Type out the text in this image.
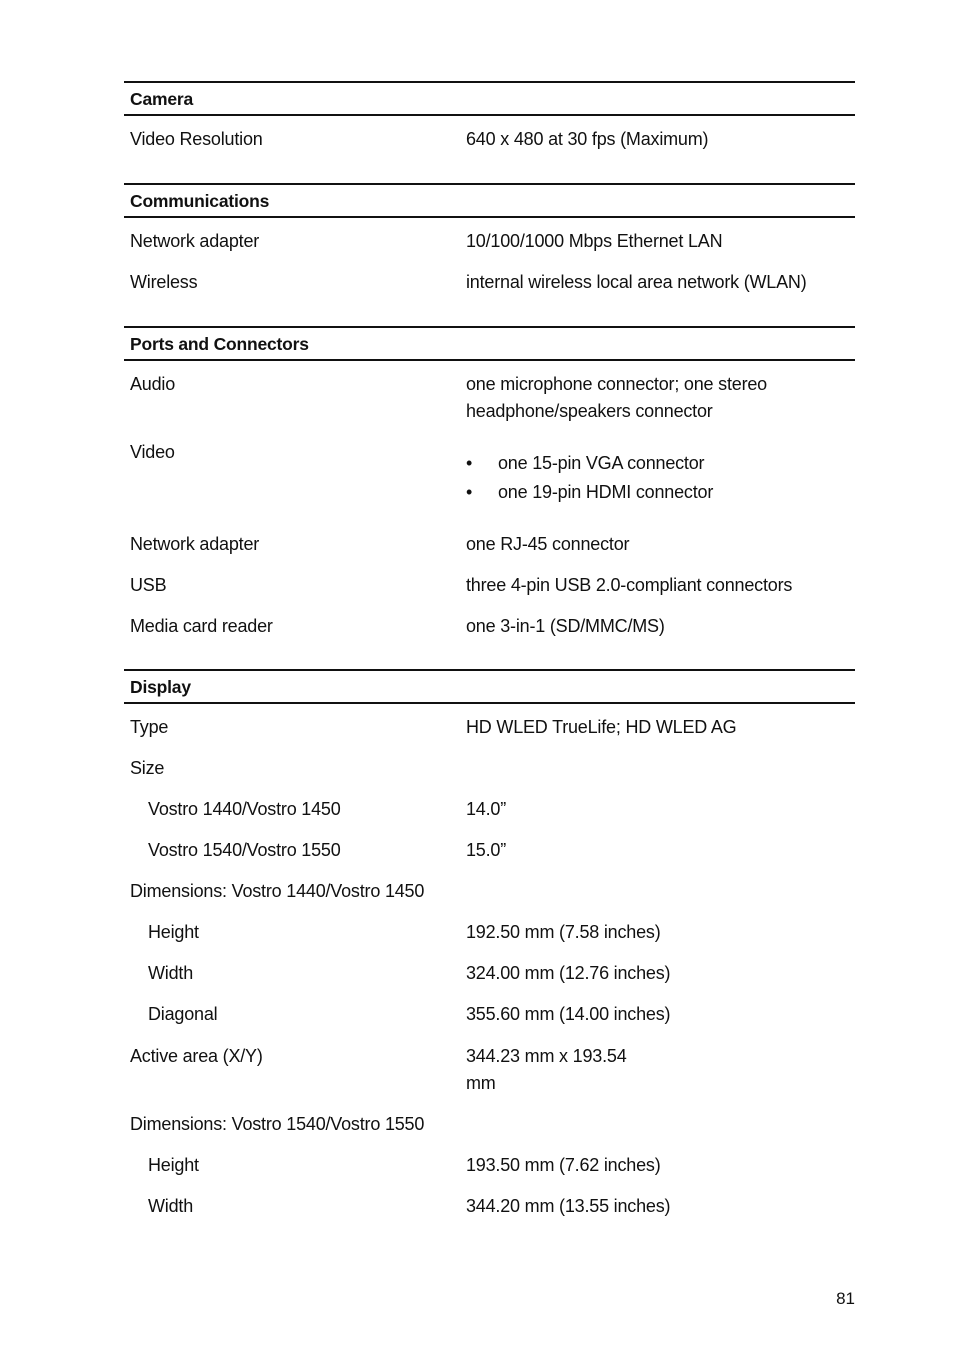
Camera
Video Resolution	640 x 480 at 30 fps (Maximum)
Communications
Network adapter	10/100/1000 Mbps Ethernet LAN
Wireless	internal wireless local area network (WLAN)
Ports and Connectors
Audio	one microphone connector; one stereo headphone/speakers connector
Video
• one 15-pin VGA connector
• one 19-pin HDMI connector
Network adapter	one RJ-45 connector
USB	three 4-pin USB 2.0-compliant connectors
Media card reader	one 3-in-1 (SD/MMC/MS)
Display
Type	HD WLED TrueLife; HD WLED AG
Size
Vostro 1440/Vostro 1450	14.0”
Vostro 1540/Vostro 1550	15.0”
Dimensions: Vostro 1440/Vostro 1450
Height	192.50 mm (7.58 inches)
Width	324.00 mm (12.76 inches)
Diagonal	355.60 mm (14.00 inches)
Active area (X/Y)	344.23 mm x 193.54
mm
Dimensions: Vostro 1540/Vostro 1550
Height	193.50 mm (7.62 inches)
Width	344.20 mm (13.55 inches)
81
